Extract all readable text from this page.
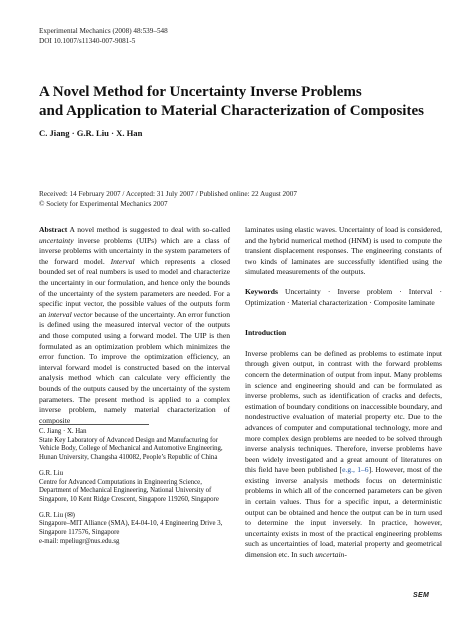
Experimental Mechanics (2008) 48:539–548
DOI 10.1007/s11340-007-9081-5
A Novel Method for Uncertainty Inverse Problems
and Application to Material Characterization of Composites
C. Jiang · G.R. Liu · X. Han
Received: 14 February 2007 / Accepted: 31 July 2007 / Published online: 22 August 2007
© Society for Experimental Mechanics 2007

Abstract A novel method is suggested to deal with so-called uncertainty inverse problems (UIPs) which are a class of inverse problems with uncertainty in the system parameters of the forward model. Interval which represents a closed bounded set of real numbers is used to model and characterize the uncertainty in our formulation, and hence only the bounds of the uncertainty of the system parameters are needed. For a specific input vector, the possible values of the outputs form an interval vector because of the uncertainty. An error function is defined using the measured interval vector of the outputs and those computed using a forward model. The UIP is then formulated as an optimization problem which minimizes the error function. To improve the optimization efficiency, an interval forward model is constructed based on the interval analysis method which can calculate very efficiently the bounds of the outputs caused by the uncertainty of the system parameters. The present method is applied to a complex inverse problem, namely material characterization of composite

C. Jiang · X. Han
State Key Laboratory of Advanced Design and Manufacturing for Vehicle Body, College of Mechanical and Automotive Engineering, Hunan University, Changsha 410082, People’s Republic of China

G.R. Liu
Centre for Advanced Computations in Engineering Science, Department of Mechanical Engineering, National University of Singapore, 10 Kent Ridge Crescent, Singapore 119260, Singapore

G.R. Liu (✉)
Singapore–MIT Alliance (SMA), E4-04-10, 4 Engineering Drive 3, Singapore 117576, Singapore
e-mail: mpeliugr@nus.edu.sg

laminates using elastic waves. Uncertainty of load is considered, and the hybrid numerical method (HNM) is used to compute the transient displacement responses. The engineering constants of two kinds of laminates are successfully identified using the simulated measurements of the outputs.

Keywords Uncertainty · Inverse problem · Interval · Optimization · Material characterization · Composite laminate

Introduction

Inverse problems can be defined as problems to estimate input through given output, in contrast with the forward problems concern the determination of output from input. Many problems in science and engineering should and can be formulated as inverse problems, such as identification of cracks and defects, estimation of boundary conditions on inaccessible boundary, and nondestructive evaluation of material property etc. Due to the advances of computer and computational technology, more and more complex design problems are needed to be solved through inverse analysis techniques. Therefore, inverse problems have been widely investigated and a great amount of literatures on this field have been published [e.g., 1–6]. However, most of the existing inverse analysis methods focus on deterministic problems in which all of the concerned parameters can be given in certain values. Thus for a specific input, a deterministic output can be obtained and hence the output can be in turn used to determine the input inversely. In practice, however, uncertainty exists in most of the practical engineering problems such as uncertainties of load, material property and geometrical dimension etc. In such uncertain-

SEM
